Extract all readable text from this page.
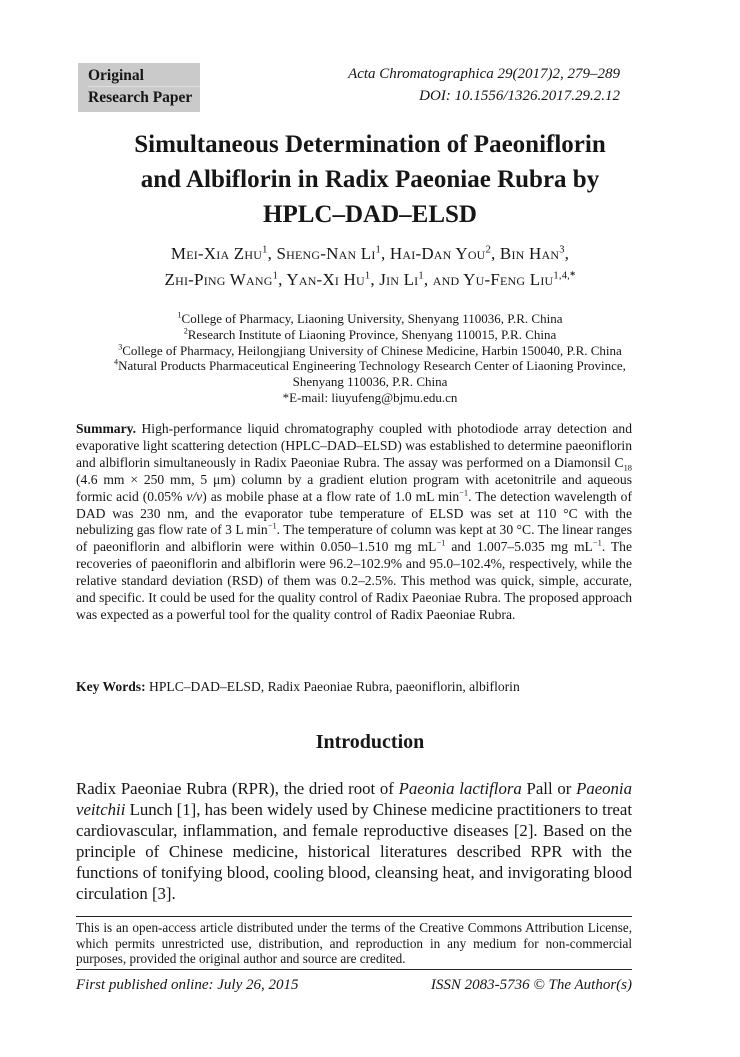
Original
Research Paper
Acta Chromatographica 29(2017)2, 279–289
DOI: 10.1556/1326.2017.29.2.12
Simultaneous Determination of Paeoniflorin
and Albiflorin in Radix Paeoniae Rubra by
HPLC–DAD–ELSD
Mei-Xia Zhu$^1$, Sheng-Nan Li$^1$, Hai-Dan You$^2$, Bin Han$^3$,
Zhi-Ping Wang$^1$, Yan-Xi Hu$^1$, Jin Li$^1$, and Yu-Feng Liu$^{1,4,*}$
$^1$College of Pharmacy, Liaoning University, Shenyang 110036, P.R. China
$^2$Research Institute of Liaoning Province, Shenyang 110015, P.R. China
$^3$College of Pharmacy, Heilongjiang University of Chinese Medicine, Harbin 150040, P.R. China
$^4$Natural Products Pharmaceutical Engineering Technology Research Center of Liaoning Province,
Shenyang 110036, P.R. China
*E-mail: liuyufeng@bjmu.edu.cn

Summary. High-performance liquid chromatography coupled with photodiode array detection and evaporative light scattering detection (HPLC–DAD–ELSD) was established to determine paeoniflorin and albiflorin simultaneously in Radix Paeoniae Rubra. The assay was performed on a Diamonsil $C_{18}$ (4.6 mm × 250 mm, 5 μm) column by a gradient elution program with acetonitrile and aqueous formic acid (0.05% v/v) as mobile phase at a flow rate of 1.0 mL $\min^{-1}$. The detection wavelength of DAD was 230 nm, and the evaporator tube temperature of ELSD was set at 110 °C with the nebulizing gas flow rate of 3 L $\min^{-1}$. The temperature of column was kept at 30 °C. The linear ranges of paeoniflorin and albiflorin were within 0.050–1.510 mg $mL^{-1}$ and 1.007–5.035 mg $mL^{-1}$. The recoveries of paeoniflorin and albiflorin were 96.2–102.9% and 95.0–102.4%, respectively, while the relative standard deviation (RSD) of them was 0.2–2.5%. This method was quick, simple, accurate, and specific. It could be used for the quality control of Radix Paeoniae Rubra. The proposed approach was expected as a powerful tool for the quality control of Radix Paeoniae Rubra.

Key Words: HPLC–DAD–ELSD, Radix Paeoniae Rubra, paeoniflorin, albiflorin

Introduction

Radix Paeoniae Rubra (RPR), the dried root of Paeonia lactiflora Pall or Paeonia veitchii Lunch [1], has been widely used by Chinese medicine practitioners to treat cardiovascular, inflammation, and female reproductive diseases [2]. Based on the principle of Chinese medicine, historical literatures described RPR with the functions of tonifying blood, cooling blood, cleansing heat, and invigorating blood circulation [3].

This is an open-access article distributed under the terms of the Creative Commons Attribution License, which permits unrestricted use, distribution, and reproduction in any medium for non-commercial purposes, provided the original author and source are credited.

First published online: July 26, 2015	ISSN 2083-5736 © The Author(s)
